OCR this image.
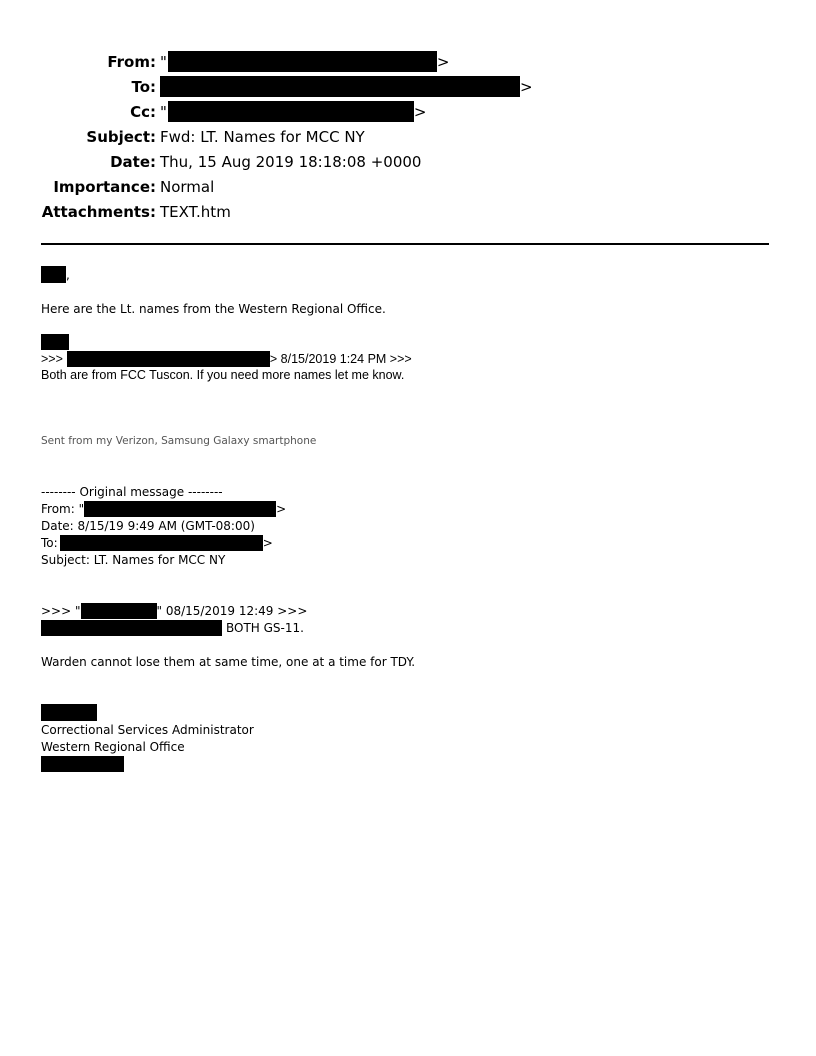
From: "	>
To:	>
Cc: "	>
Subject: Fwd: LT. Names for MCC NY
Date: Thu, 15 Aug 2019 18:18:08 +0000
Importance: Normal
Attachments: TEXT.htm
,
Here are the Lt. names from the Western Regional Office.
>>>	> 8/15/2019 1:24 PM >>>
Both are from FCC Tuscon. If you need more names let me know.
Sent from my Verizon, Samsung Galaxy smartphone
-------- Original message --------
From: "	>
Date: 8/15/19 9:49 AM (GMT-08:00)
To:	>
Subject: LT. Names for MCC NY
>>> "	" 08/15/2019 12:49 >>>
BOTH GS-11.
Warden cannot lose them at same time, one at a time for TDY.
Correctional Services Administrator
Western Regional Office
